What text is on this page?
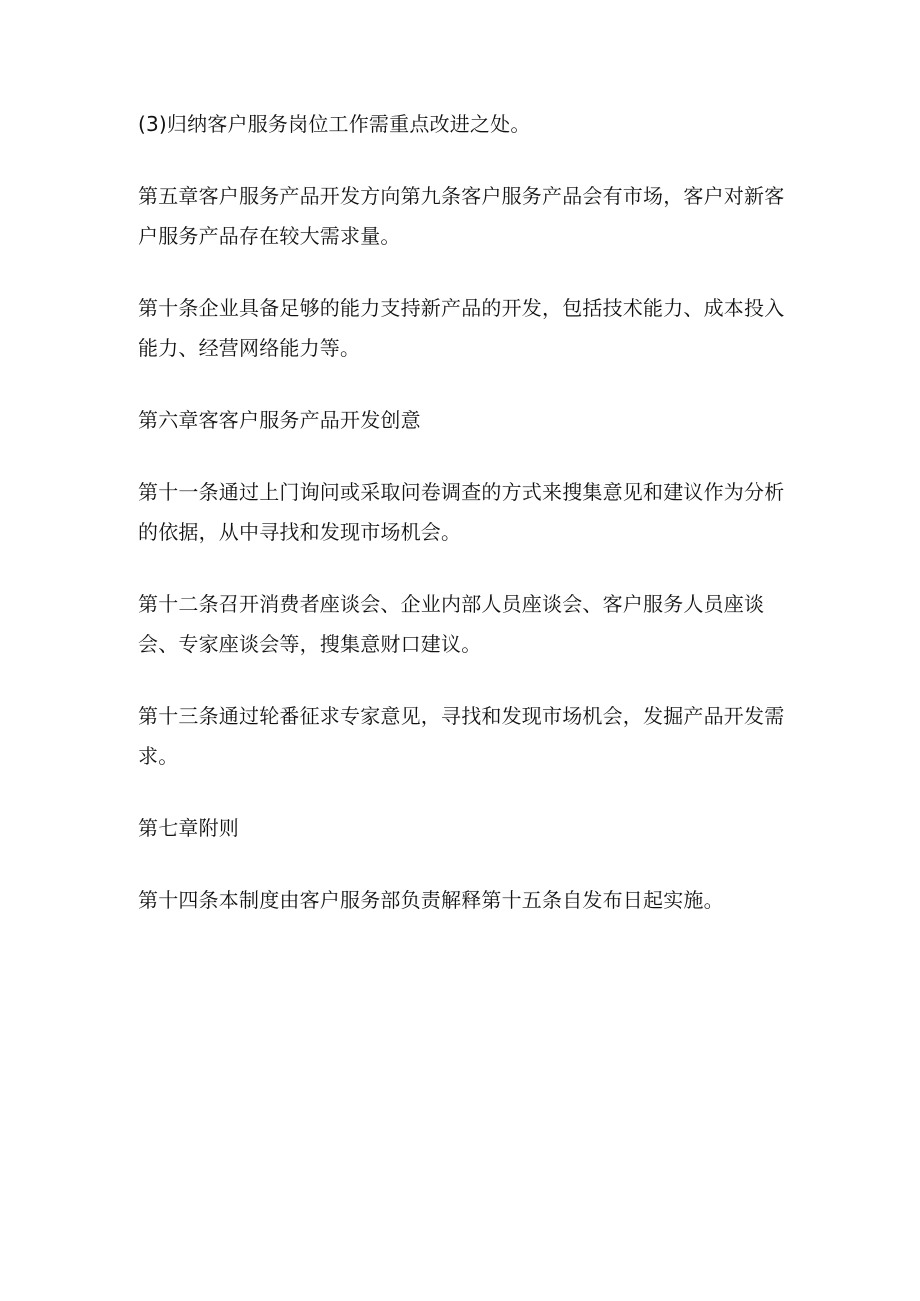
(3)归纳客户服务岗位工作需重点改进之处。

第五章客户服务产品开发方向第九条客户服务产品会有市场，客户对新客户服务产品存在较大需求量。

第十条企业具备足够的能力支持新产品的开发，包括技术能力、成本投入能力、经营网络能力等。

第六章客客户服务产品开发创意

第十一条通过上门询问或采取问卷调查的方式来搜集意见和建议作为分析的依据，从中寻找和发现市场机会。

第十二条召开消费者座谈会、企业内部人员座谈会、客户服务人员座谈会、专家座谈会等，搜集意财口建议。

第十三条通过轮番征求专家意见，寻找和发现市场机会，发掘产品开发需求。

第七章附则

第十四条本制度由客户服务部负责解释第十五条自发布日起实施。
